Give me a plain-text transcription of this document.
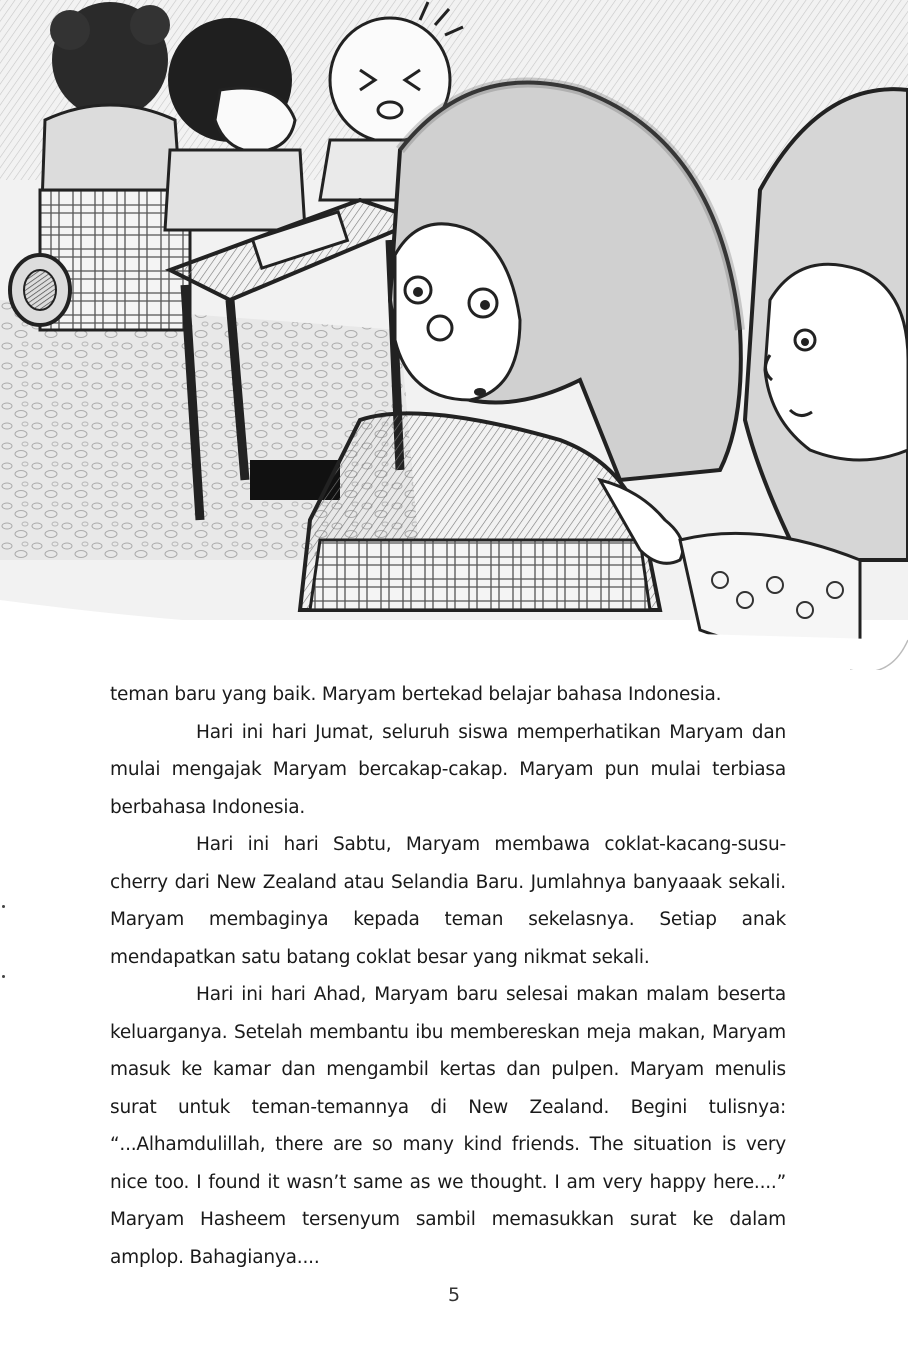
teman baru yang baik. Maryam bertekad belajar bahasa Indonesia.

Hari ini hari Jumat, seluruh siswa memperhatikan Maryam dan mulai mengajak Maryam bercakap-cakap. Maryam pun mulai terbiasa berbahasa Indonesia.

Hari ini hari Sabtu, Maryam membawa coklat-kacang-susu-cherry dari New Zealand atau Selandia Baru. Jumlahnya banyaaak sekali. Maryam membaginya kepada teman sekelasnya. Setiap anak mendapatkan satu batang coklat besar yang nikmat sekali.

Hari ini hari Ahad, Maryam baru selesai makan malam beserta keluarganya. Setelah membantu ibu membereskan meja makan, Maryam masuk ke kamar dan mengambil kertas dan pulpen. Maryam menulis surat untuk teman-temannya di New Zealand. Begini tulisnya: “...Alhamdulillah, there are so many kind friends. The situation is very nice too. I found it wasn’t same as we thought. I am very happy here....” Maryam Hasheem tersenyum sambil memasukkan surat ke dalam amplop. Bahagianya....

5
